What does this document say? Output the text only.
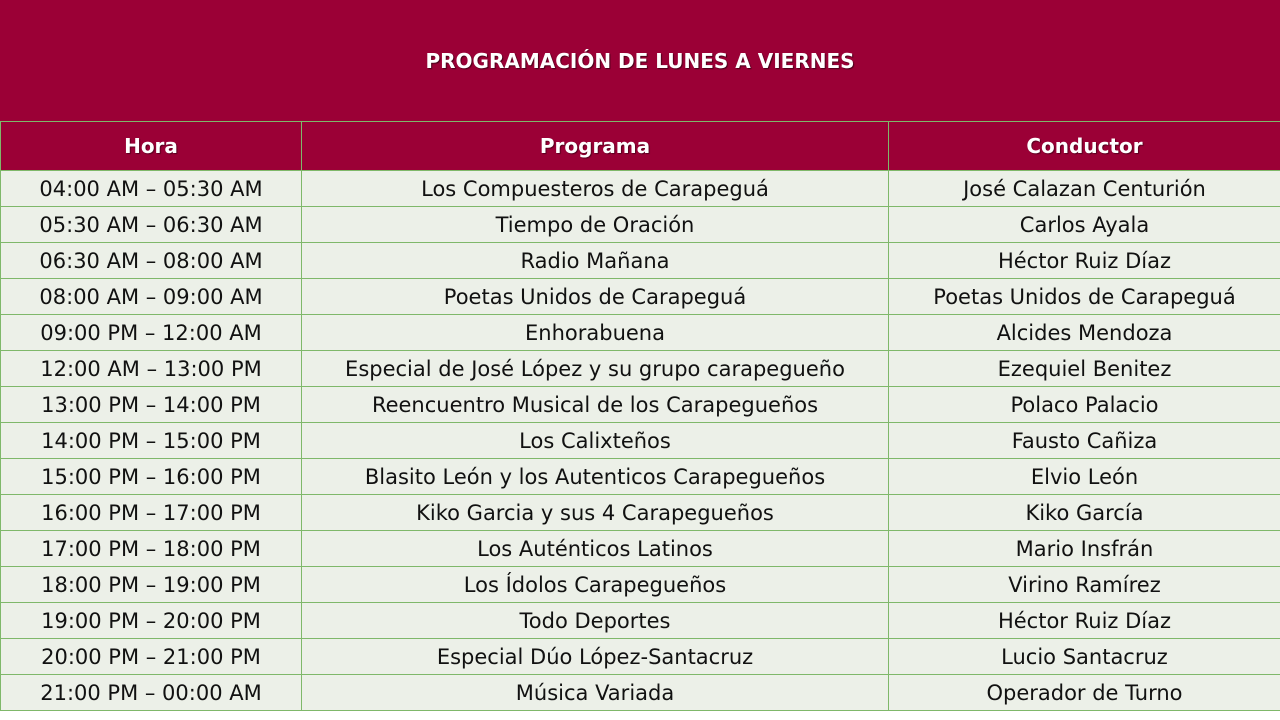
PROGRAMACIÓN DE LUNES A VIERNES
Hora	Programa	Conductor
04:00 AM – 05:30 AM	Los Compuesteros de Carapeguá	José Calazan Centurión
05:30 AM – 06:30 AM	Tiempo de Oración	Carlos Ayala
06:30 AM – 08:00 AM	Radio Mañana	Héctor Ruiz Díaz
08:00 AM – 09:00 AM	Poetas Unidos de Carapeguá	Poetas Unidos de Carapeguá
09:00 PM – 12:00 AM	Enhorabuena	Alcides Mendoza
12:00 AM – 13:00 PM	Especial de José López y su grupo carapegueño	Ezequiel Benitez
13:00 PM – 14:00 PM	Reencuentro Musical de los Carapegueños	Polaco Palacio
14:00 PM – 15:00 PM	Los Calixteños	Fausto Cañiza
15:00 PM – 16:00 PM	Blasito León y los Autenticos Carapegueños	Elvio León
16:00 PM – 17:00 PM	Kiko Garcia y sus 4 Carapegueños	Kiko García
17:00 PM – 18:00 PM	Los Auténticos Latinos	Mario Insfrán
18:00 PM – 19:00 PM	Los Ídolos Carapegueños	Virino Ramírez
19:00 PM – 20:00 PM	Todo Deportes	Héctor Ruiz Díaz
20:00 PM – 21:00 PM	Especial Dúo López-Santacruz	Lucio Santacruz
21:00 PM – 00:00 AM	Música Variada	Operador de Turno
